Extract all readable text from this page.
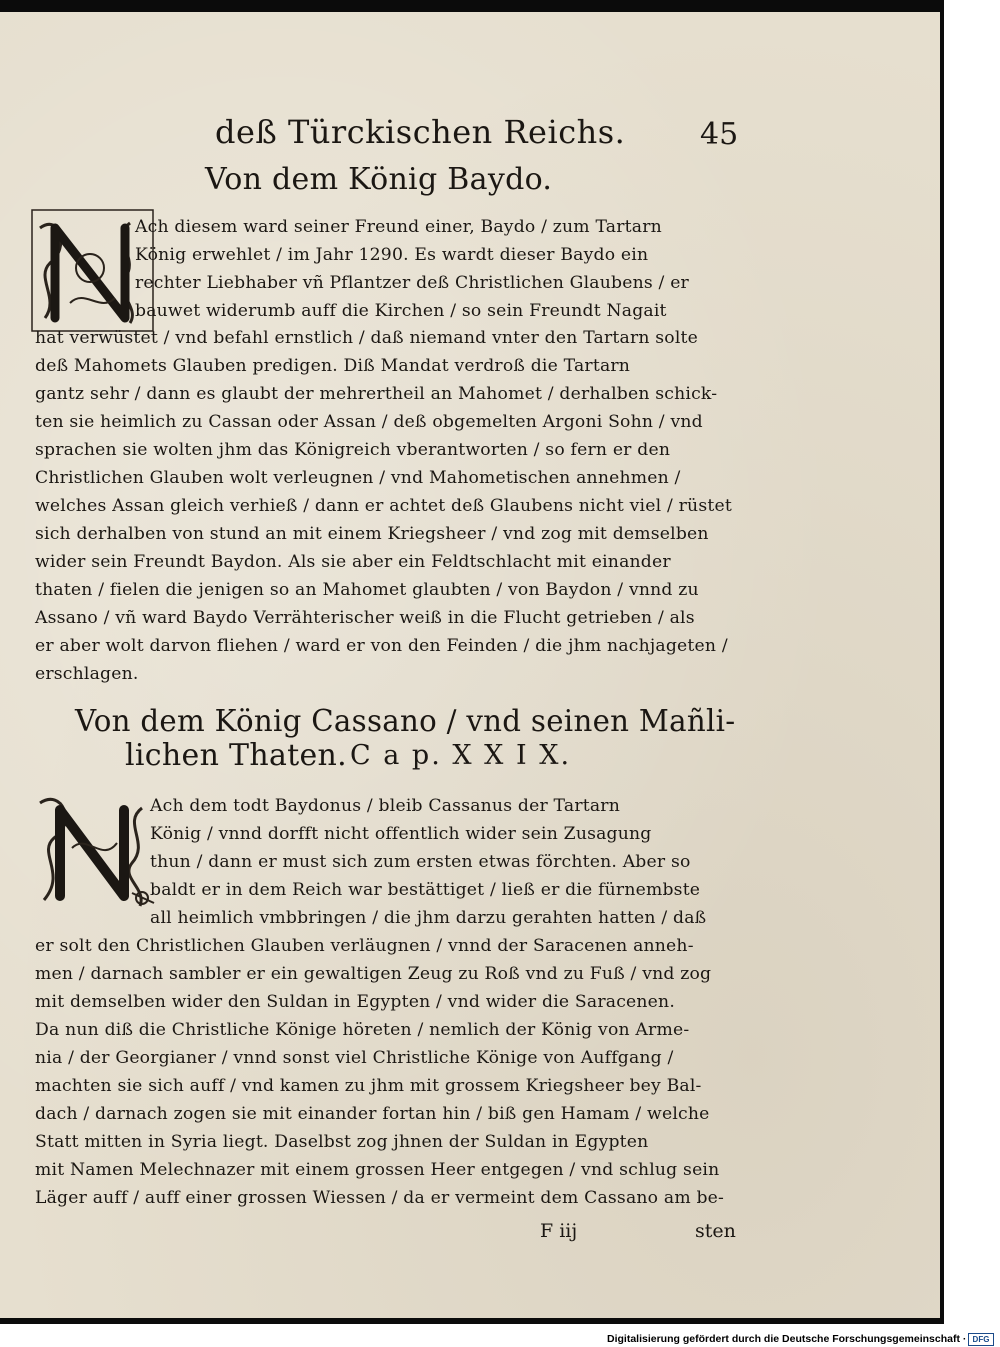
deß Türckischen Reichs. 45
Von dem König Baydo.
Ach diesem ward seiner Freund einer, Baydo / zum Tartarn
König erwehlet / im Jahr 1290. Es wardt dieser Baydo ein
rechter Liebhaber vñ Pflantzer deß Christlichen Glaubens / er
bauwet widerumb auff die Kirchen / so sein Freundt Nagait
hat verwüstet / vnd befahl ernstlich / daß niemand vnter den Tartarn solte
deß Mahomets Glauben predigen. Diß Mandat verdroß die Tartarn
gantz sehr / dann es glaubt der mehrertheil an Mahomet / derhalben schick-
ten sie heimlich zu Cassan oder Assan / deß obgemelten Argoni Sohn / vnd
sprachen sie wolten jhm das Königreich vberantworten / so fern er den
Christlichen Glauben wolt verleugnen / vnd Mahometischen annehmen /
welches Assan gleich verhieß / dann er achtet deß Glaubens nicht viel / rüstet
sich derhalben von stund an mit einem Kriegsheer / vnd zog mit demselben
wider sein Freundt Baydon. Als sie aber ein Feldtschlacht mit einander
thaten / fielen die jenigen so an Mahomet glaubten / von Baydon / vnnd zu
Assano / vñ ward Baydo Verrähterischer weiß in die Flucht getrieben / als
er aber wolt darvon fliehen / ward er von den Feinden / die jhm nachjageten /
erschlagen.
Von dem König Cassano / vnd seinen Mañli-
lichen Thaten. C a p. X X I X.
Ach dem todt Baydonus / bleib Cassanus der Tartarn
König / vnnd dorfft nicht offentlich wider sein Zusagung
thun / dann er must sich zum ersten etwas förchten. Aber so
baldt er in dem Reich war bestättiget / ließ er die fürnembste
all heimlich vmbbringen / die jhm darzu gerahten hatten / daß
er solt den Christlichen Glauben verläugnen / vnnd der Saracenen anneh-
men / darnach sambler er ein gewaltigen Zeug zu Roß vnd zu Fuß / vnd zog
mit demselben wider den Suldan in Egypten / vnd wider die Saracenen.
Da nun diß die Christliche Könige höreten / nemlich der König von Arme-
nia / der Georgianer / vnnd sonst viel Christliche Könige von Auffgang /
machten sie sich auff / vnd kamen zu jhm mit grossem Kriegsheer bey Bal-
dach / darnach zogen sie mit einander fortan hin / biß gen Hamam / welche
Statt mitten in Syria liegt. Daselbst zog jhnen der Suldan in Egypten
mit Namen Melechnazer mit einem grossen Heer entgegen / vnd schlug sein
Läger auff / auff einer grossen Wiessen / da er vermeint dem Cassano am be-
F iij	sten
Digitalisierung gefördert durch die Deutsche Forschungsgemeinschaft · DFG
